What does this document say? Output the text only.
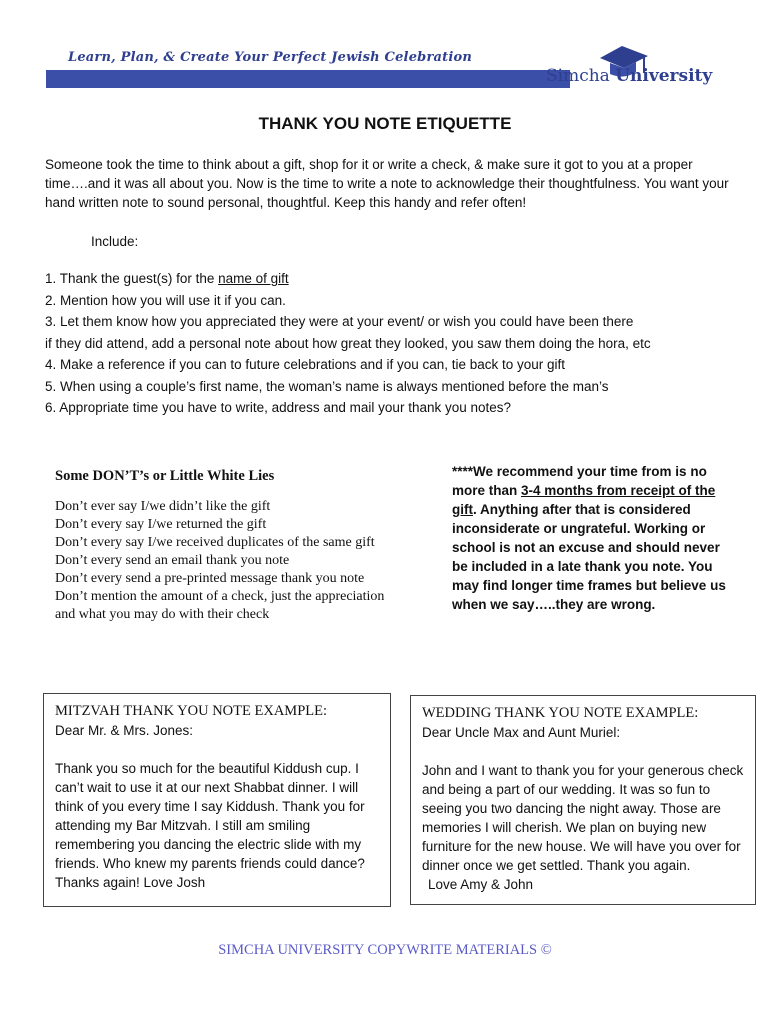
Learn, Plan, & Create Your Perfect Jewish Celebration
Simcha University
THANK YOU NOTE ETIQUETTE
Someone took the time to think about a gift, shop for it or write a check, & make sure it got to you at a proper time….and it was all about you. Now is the time to write a note to acknowledge their thoughtfulness. You want your hand written note to sound personal, thoughtful. Keep this handy and refer often!
Include:
1. Thank the guest(s) for the name of gift
2. Mention how you will use it if you can.
3. Let them know how you appreciated they were at your event/ or wish you could have been there
if they did attend, add a personal note about how great they looked, you saw them doing the hora, etc
4. Make a reference if you can to future celebrations and if you can, tie back to your gift
5. When using a couple’s first name, the woman’s name is always mentioned before the man’s
6. Appropriate time you have to write, address and mail your thank you notes?
Some DON’T’s or Little White Lies
Don’t ever say I/we didn’t like the gift
Don’t every say I/we returned the gift
Don’t every say I/we received duplicates of the same gift
Don’t every send an email thank you note
Don’t every send a pre-printed message thank you note
Don’t mention the amount of a check, just the appreciation
and what you may do with their check
****We recommend your time from is no more than 3-4 months from receipt of the gift. Anything after that is considered inconsiderate or ungrateful. Working or school is not an excuse and should never be included in a late thank you note. You may find longer time frames but believe us when we say…..they are wrong.
MITZVAH THANK YOU NOTE EXAMPLE:
Dear Mr. & Mrs. Jones:
Thank you so much for the beautiful Kiddush cup. I can’t wait to use it at our next Shabbat dinner. I will think of you every time I say Kiddush. Thank you for attending my Bar Mitzvah. I still am smiling remembering you dancing the electric slide with my friends. Who knew my parents friends could dance? Thanks again! Love Josh
WEDDING THANK YOU NOTE EXAMPLE:
Dear Uncle Max and Aunt Muriel:
John and I want to thank you for your generous check and being a part of our wedding. It was so fun to seeing you two dancing the night away. Those are memories I will cherish. We plan on buying new furniture for the new house. We will have you over for dinner once we get settled. Thank you again.
Love Amy & John
SIMCHA UNIVERSITY COPYWRITE MATERIALS ©
